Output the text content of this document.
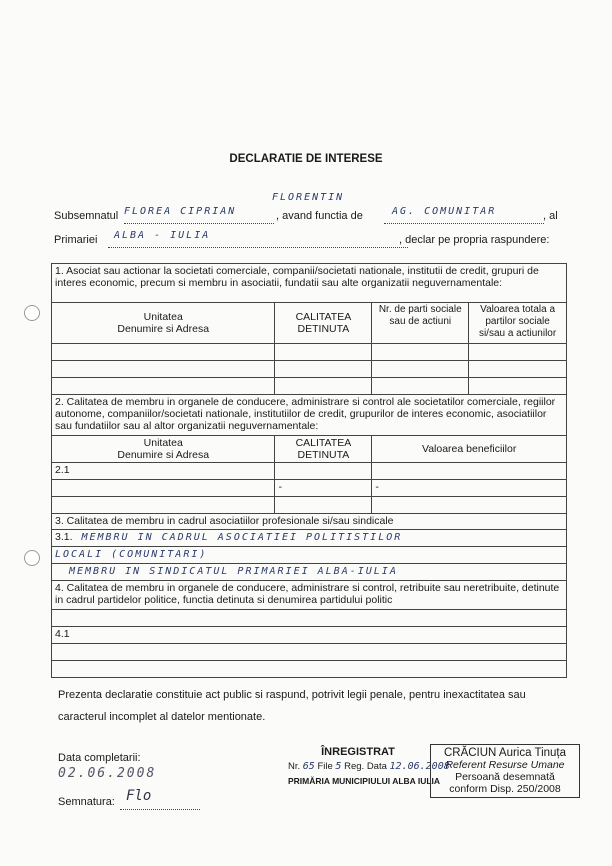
DECLARATIE DE INTERESE
FLORENTIN
Subsemnatul FLOREA CIPRIAN	, avand functia de	AG. COMUNITAR	, al
Primariei ALBA - IULIA	, declar pe propria raspundere:
1. Asociat sau actionar la societati comerciale, companii/societati nationale, institutii de credit, grupuri de interes economic, precum si membru in asociatii, fundatii sau alte organizatii neguvernamentale:			
Unitatea
Denumire si Adresa	CALITATEA
DETINUTA	Nr. de parti sociale sau de actiuni	Valoarea totala a partilor sociale si/sau a actiunilor

2. Calitatea de membru in organele de conducere, administrare si control ale societatilor comerciale, regiilor autonome, companiilor/societati nationale, institutiilor de credit, grupurilor de interes economic, asociatiilor sau fundatiilor sau al altor organizatii neguvernamentale:			
Unitatea
Denumire si Adresa	CALITATEA
DETINUTA	Valoarea beneficiilor	
2.1			
	-	-	

3. Calitatea de membru in cadrul asociatiilor profesionale si/sau sindicale			
3.1. MEMBRU IN CADRUL ASOCIATIEI POLITISTILOR			
LOCALI (COMUNITARI)			
MEMBRU IN SINDICATUL PRIMARIEI ALBA-IULIA			
4. Calitatea de membru in organele de conducere, administrare si control, retribuite sau neretribuite, detinute in cadrul partidelor politice, functia detinuta si denumirea partidului politic			

4.1			

Prezenta declaratie constituie act public si raspund, potrivit legii penale, pentru inexactitatea sau caracterul incomplet al datelor mentionate.
Data completarii:
02.06.2008
Semnatura: Flo
ÎNREGISTRAT
Nr. 65 File 5 Reg. Data 12.06.2008
PRIMĂRIA MUNICIPIULUI ALBA IULIA
CRĂCIUN Aurica Tinuța
Referent Resurse Umane
Persoană desemnată
conform Disp. 250/2008
